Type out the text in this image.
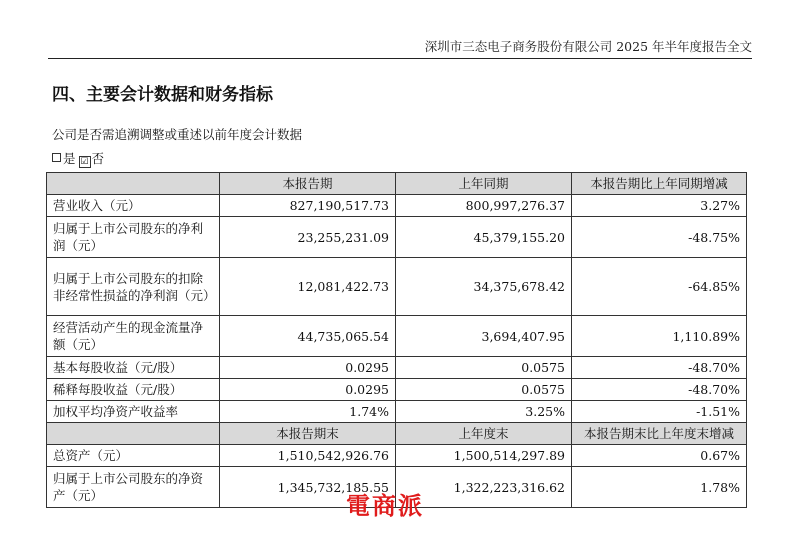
深圳市三态电子商务股份有限公司 2025 年半年度报告全文
四、主要会计数据和财务指标
公司是否需追溯调整或重述以前年度会计数据
是 ☑ 否
	本报告期	上年同期	本报告期比上年同期增减
营业收入（元）	827,190,517.73	800,997,276.37	3.27%
归属于上市公司股东的净利润（元）	23,255,231.09	45,379,155.20	-48.75%
归属于上市公司股东的扣除非经常性损益的净利润（元）	12,081,422.73	34,375,678.42	-64.85%
经营活动产生的现金流量净额（元）	44,735,065.54	3,694,407.95	1,110.89%
基本每股收益（元/股）	0.0295	0.0575	-48.70%
稀释每股收益（元/股）	0.0295	0.0575	-48.70%
加权平均净资产收益率	1.74%	3.25%	-1.51%
	本报告期末	上年度末	本报告期末比上年度末增减
总资产（元）	1,510,542,926.76	1,500,514,297.89	0.67%
归属于上市公司股东的净资产（元）	1,345,732,185.55	1,322,223,316.62	1.78%
電商派
